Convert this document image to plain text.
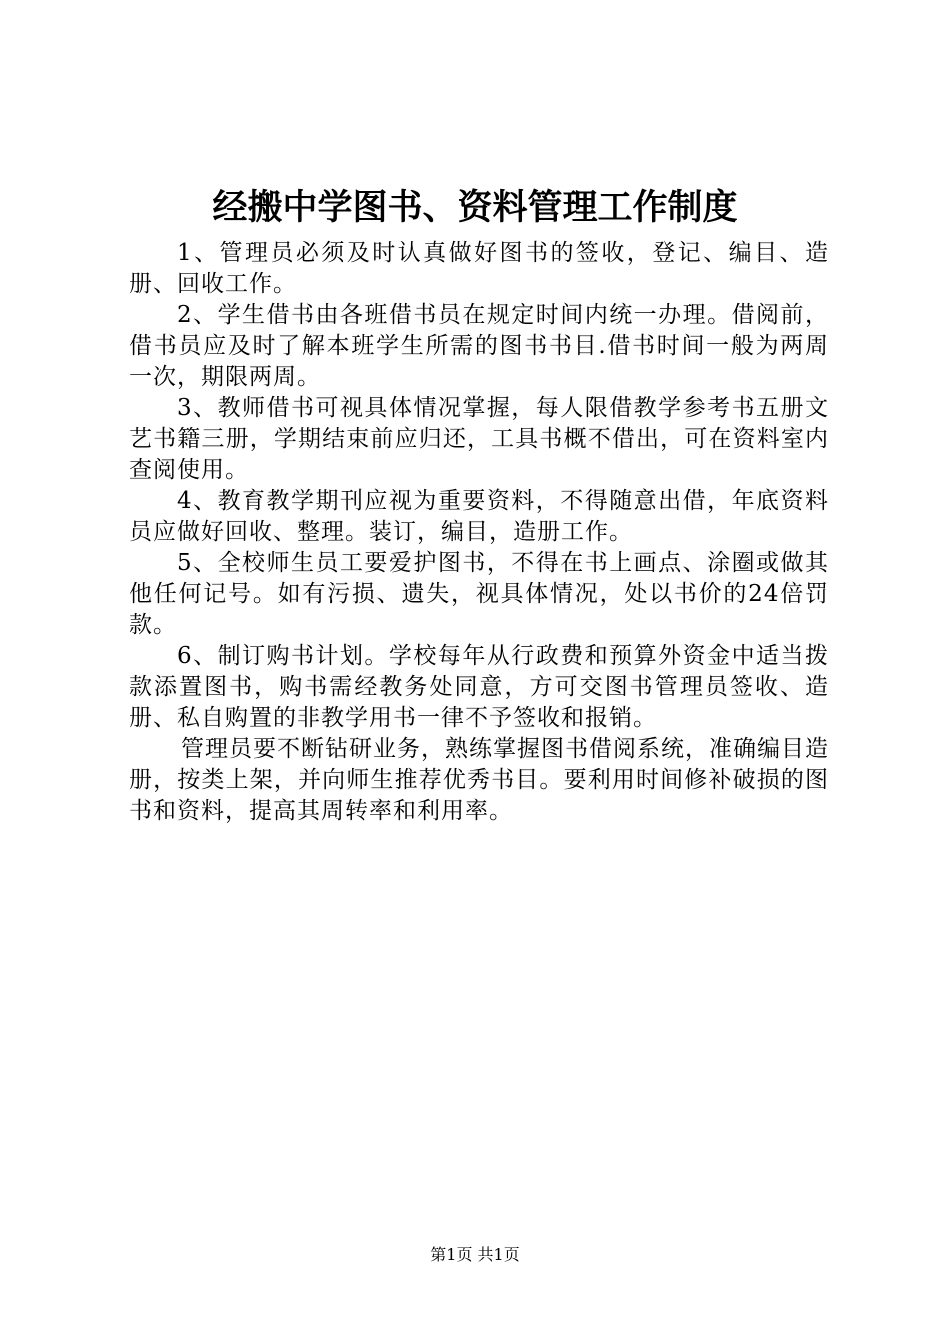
经搬中学图书、资料管理工作制度

1、管理员必须及时认真做好图书的签收，登记、编目、造册、回收工作。

2、学生借书由各班借书员在规定时间内统一办理。借阅前，借书员应及时了解本班学生所需的图书书目.借书时间一般为两周一次，期限两周。

3、教师借书可视具体情况掌握，每人限借教学参考书五册文艺书籍三册，学期结束前应归还，工具书概不借出，可在资料室内查阅使用。

4、教育教学期刊应视为重要资料，不得随意出借，年底资料员应做好回收、整理。装订，编目，造册工作。

5、全校师生员工要爱护图书，不得在书上画点、涂圈或做其他任何记号。如有污损、遗失，视具体情况，处以书价的24倍罚款。

6、制订购书计划。学校每年从行政费和预算外资金中适当拨款添置图书，购书需经教务处同意，方可交图书管理员签收、造册、私自购置的非教学用书一律不予签收和报销。

管理员要不断钻研业务，熟练掌握图书借阅系统，准确编目造册，按类上架，并向师生推荐优秀书目。要利用时间修补破损的图书和资料，提高其周转率和利用率。

第1页 共1页
